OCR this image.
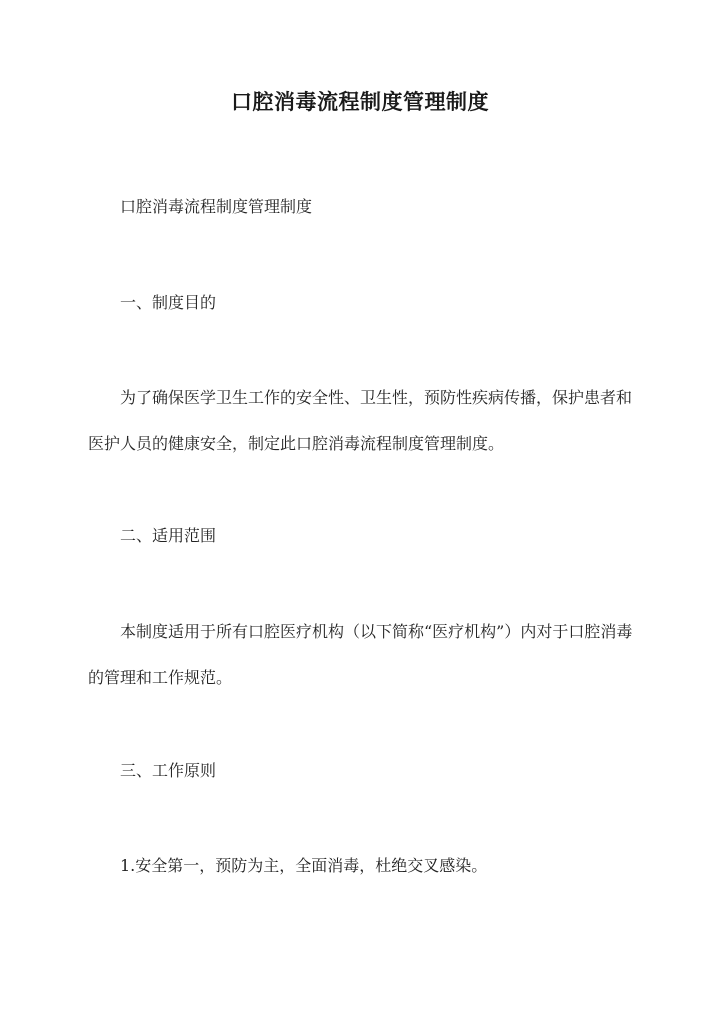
口腔消毒流程制度管理制度

口腔消毒流程制度管理制度

一、制度目的

为了确保医学卫生工作的安全性、卫生性，预防性疾病传播，保护患者和医护人员的健康安全，制定此口腔消毒流程制度管理制度。

二、适用范围

本制度适用于所有口腔医疗机构（以下简称“医疗机构”）内对于口腔消毒的管理和工作规范。

三、工作原则

1.安全第一，预防为主，全面消毒，杜绝交叉感染。
